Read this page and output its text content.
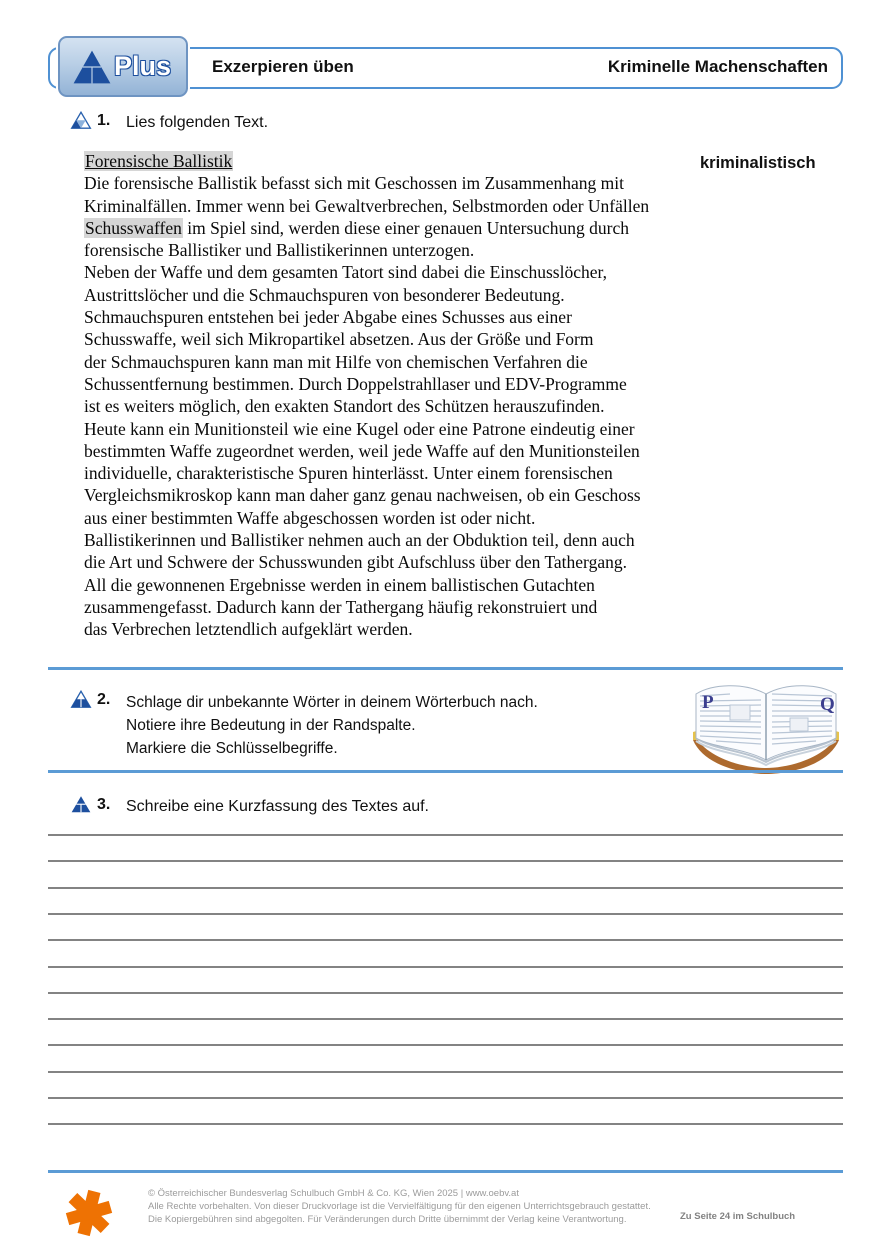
Plus Exzerpieren üben	Kriminelle Machenschaften
1. Lies folgenden Text.
Forensische Ballistik
Die forensische Ballistik befasst sich mit Geschossen im Zusammenhang mit
Kriminalfällen. Immer wenn bei Gewaltverbrechen, Selbstmorden oder Unfällen
Schusswaffen im Spiel sind, werden diese einer genauen Untersuchung durch
forensische Ballistiker und Ballistikerinnen unterzogen.
Neben der Waffe und dem gesamten Tatort sind dabei die Einschusslöcher,
Austrittslöcher und die Schmauchspuren von besonderer Bedeutung.
Schmauchspuren entstehen bei jeder Abgabe eines Schusses aus einer
Schusswaffe, weil sich Mikropartikel absetzen. Aus der Größe und Form
der Schmauchspuren kann man mit Hilfe von chemischen Verfahren die
Schussentfernung bestimmen. Durch Doppelstrahllaser und EDV-Programme
ist es weiters möglich, den exakten Standort des Schützen herauszufinden.
Heute kann ein Munitionsteil wie eine Kugel oder eine Patrone eindeutig einer
bestimmten Waffe zugeordnet werden, weil jede Waffe auf den Munitionsteilen
individuelle, charakteristische Spuren hinterlässt. Unter einem forensischen
Vergleichsmikroskop kann man daher ganz genau nachweisen, ob ein Geschoss
aus einer bestimmten Waffe abgeschossen worden ist oder nicht.
Ballistikerinnen und Ballistiker nehmen auch an der Obduktion teil, denn auch
die Art und Schwere der Schusswunden gibt Aufschluss über den Tathergang.
All die gewonnenen Ergebnisse werden in einem ballistischen Gutachten
zusammengefasst. Dadurch kann der Tathergang häufig rekonstruiert und
das Verbrechen letztendlich aufgeklärt werden.
kriminalistisch
2. Schlage dir unbekannte Wörter in deinem Wörterbuch nach.
Notiere ihre Bedeutung in der Randspalte.
Markiere die Schlüsselbegriffe.
P	Q
3. Schreibe eine Kurzfassung des Textes auf.
© Österreichischer Bundesverlag Schulbuch GmbH & Co. KG, Wien 2025 | www.oebv.at
Alle Rechte vorbehalten. Von dieser Druckvorlage ist die Vervielfältigung für den eigenen Unterrichtsgebrauch gestattet.
Die Kopiergebühren sind abgegolten. Für Veränderungen durch Dritte übernimmt der Verlag keine Verantwortung.	Zu Seite 24 im Schulbuch
